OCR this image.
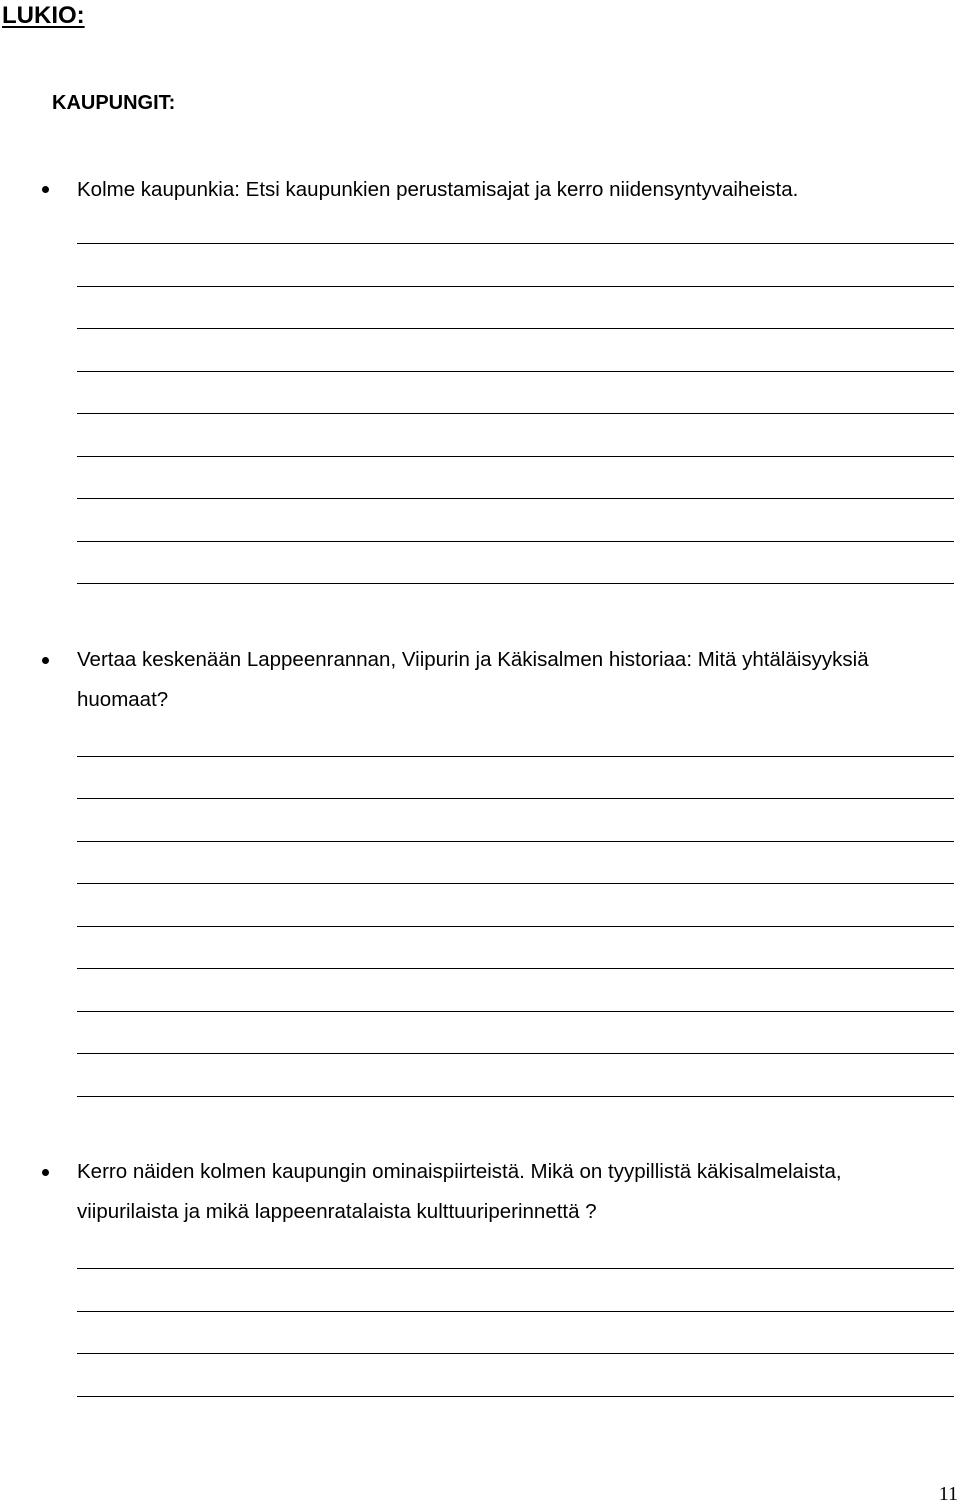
LUKIO:
KAUPUNGIT:

Kolme kaupunkia: Etsi kaupunkien perustamisajat ja kerro niidensyntyvaiheista.

Vertaa keskenään Lappeenrannan, Viipurin ja Käkisalmen historiaa: Mitä yhtäläisyyksiä huomaat?

Kerro näiden kolmen kaupungin ominaispiirteistä. Mikä on tyypillistä käkisalmelaista, viipurilaista ja mikä lappeenratalaista kulttuuriperinnettä ?

11
